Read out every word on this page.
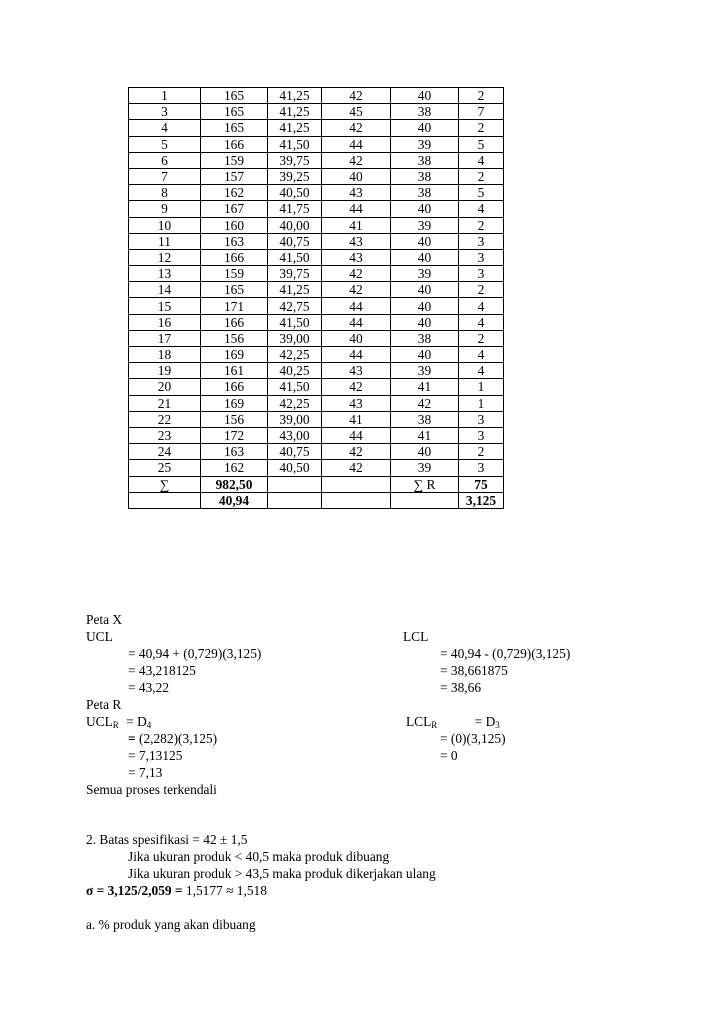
1	165	41,25	42	40	2
3	165	41,25	45	38	7
4	165	41,25	42	40	2
5	166	41,50	44	39	5
6	159	39,75	42	38	4
7	157	39,25	40	38	2
8	162	40,50	43	38	5
9	167	41,75	44	40	4
10	160	40,00	41	39	2
11	163	40,75	43	40	3
12	166	41,50	43	40	3
13	159	39,75	42	39	3
14	165	41,25	42	40	2
15	171	42,75	44	40	4
16	166	41,50	44	40	4
17	156	39,00	40	38	2
18	169	42,25	44	40	4
19	161	40,25	43	39	4
20	166	41,50	42	41	1
21	169	42,25	43	42	1
22	156	39,00	41	38	3
23	172	43,00	44	41	3
24	163	40,75	42	40	2
25	162	40,50	42	39	3
∑	982,50			∑ R	75
	40,94				3,125
Peta X
UCL	LCL
= 40,94 + (0,729)(3,125)	= 40,94 - (0,729)(3,125)
= 43,218125	= 38,661875
= 43,22	= 38,66
Peta R
$UCL_R = D_4$	$LCL_R$	= $D_3$
= (2,282)(3,125)	= (0)(3,125)
= 7,13125	= 0
= 7,13
Semua proses terkendali
2. Batas spesifikasi = 42 ± 1,5
Jika ukuran produk < 40,5 maka produk dibuang
Jika ukuran produk > 43,5 maka produk dikerjakan ulang
σ = 3,125/2,059 = 1,5177 ≈ 1,518
a. % produk yang akan dibuang
